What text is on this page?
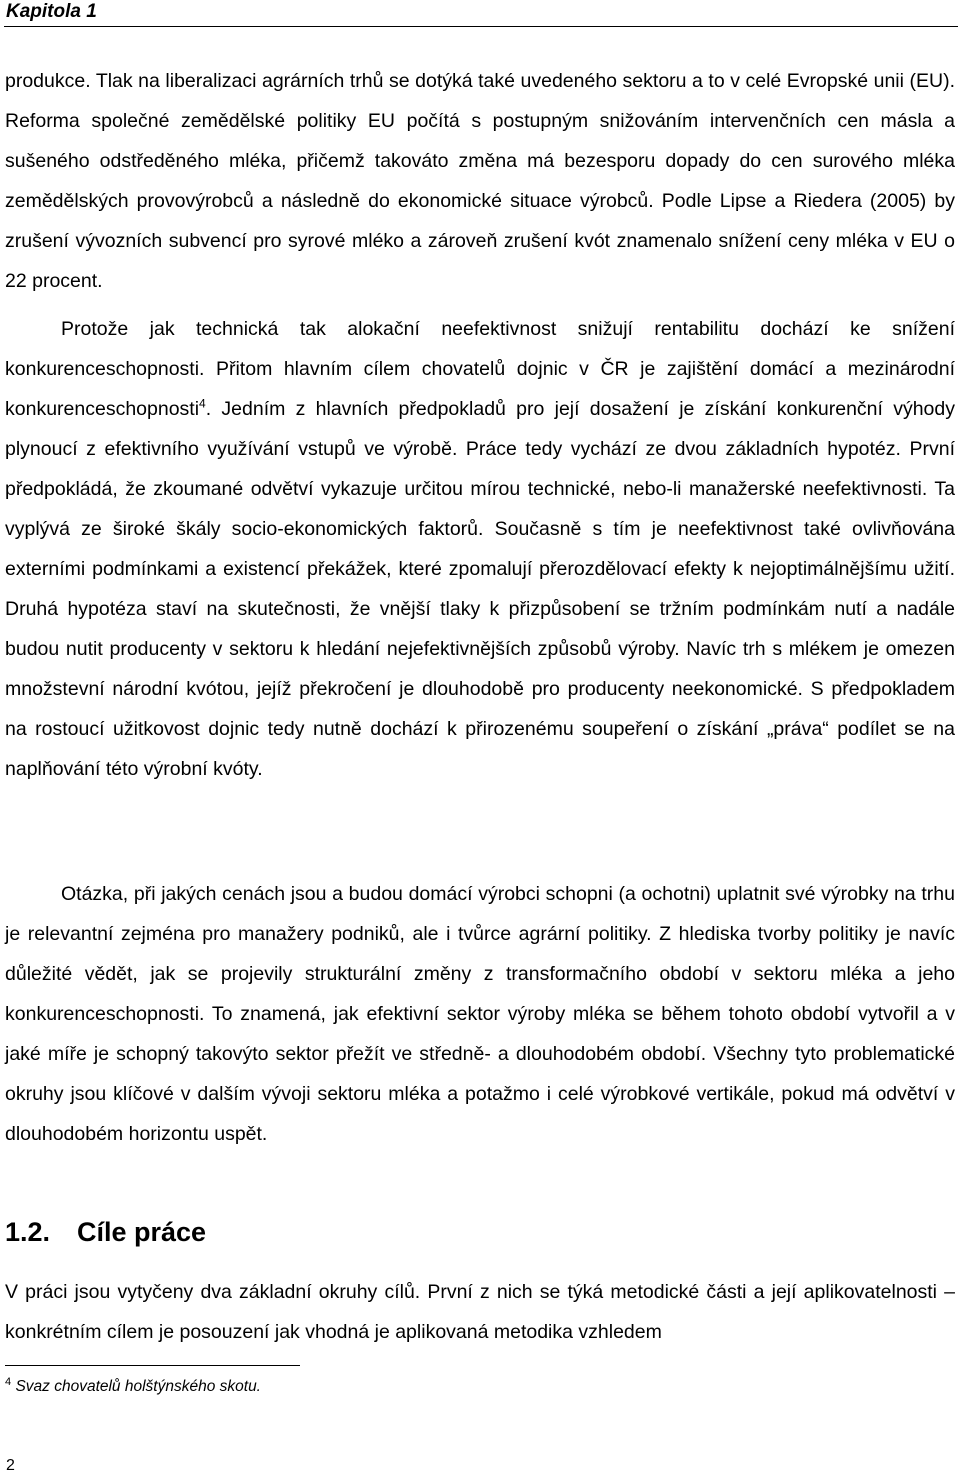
Kapitola 1

produkce. Tlak na liberalizaci agrárních trhů se dotýká také uvedeného sektoru a to v celé Evropské unii (EU). Reforma společné zemědělské politiky EU počítá s postupným snižováním intervenčních cen másla a sušeného odstředěného mléka, přičemž takováto změna má bezesporu dopady do cen surového mléka zemědělských provovýrobců a následně do ekonomické situace výrobců. Podle Lipse a Riedera (2005) by zrušení vývozních subvencí pro syrové mléko a zároveň zrušení kvót znamenalo snížení ceny mléka v EU o 22 procent.

Protože jak technická tak alokační neefektivnost snižují rentabilitu dochází ke snížení konkurenceschopnosti. Přitom hlavním cílem chovatelů dojnic v ČR je zajištění domácí a mezinárodní konkurenceschopnosti$^4$. Jedním z hlavních předpokladů pro její dosažení je získání konkurenční výhody plynoucí z efektivního využívání vstupů ve výrobě. Práce tedy vychází ze dvou základních hypotéz. První předpokládá, že zkoumané odvětví vykazuje určitou mírou technické, nebo-li manažerské neefektivnosti. Ta vyplývá ze široké škály socio-ekonomických faktorů. Současně s tím je neefektivnost také ovlivňována externími podmínkami a existencí překážek, které zpomalují přerozdělovací efekty k nejoptimálnějšímu užití. Druhá hypotéza staví na skutečnosti, že vnější tlaky k přizpůsobení se tržním podmínkám nutí a nadále budou nutit producenty v sektoru k hledání nejefektivnějších způsobů výroby. Navíc trh s mlékem je omezen množstevní národní kvótou, jejíž překročení je dlouhodobě pro producenty neekonomické. S předpokladem na rostoucí užitkovost dojnic tedy nutně dochází k přirozenému soupeření o získání „práva“ podílet se na naplňování této výrobní kvóty.

Otázka, při jakých cenách jsou a budou domácí výrobci schopni (a ochotni) uplatnit své výrobky na trhu je relevantní zejména pro manažery podniků, ale i tvůrce agrární politiky. Z hlediska tvorby politiky je navíc důležité vědět, jak se projevily strukturální změny z transformačního období v sektoru mléka a jeho konkurenceschopnosti. To znamená, jak efektivní sektor výroby mléka se během tohoto období vytvořil a v jaké míře je schopný takovýto sektor přežít ve středně- a dlouhodobém období. Všechny tyto problematické okruhy jsou klíčové v dalším vývoji sektoru mléka a potažmo i celé výrobkové vertikále, pokud má odvětví v dlouhodobém horizontu uspět.

1.2. Cíle práce

V práci jsou vytyčeny dva základní okruhy cílů. První z nich se týká metodické části a její aplikovatelnosti – konkrétním cílem je posouzení jak vhodná je aplikovaná metodika vzhledem

$^4$ Svaz chovatelů holštýnského skotu.
2
